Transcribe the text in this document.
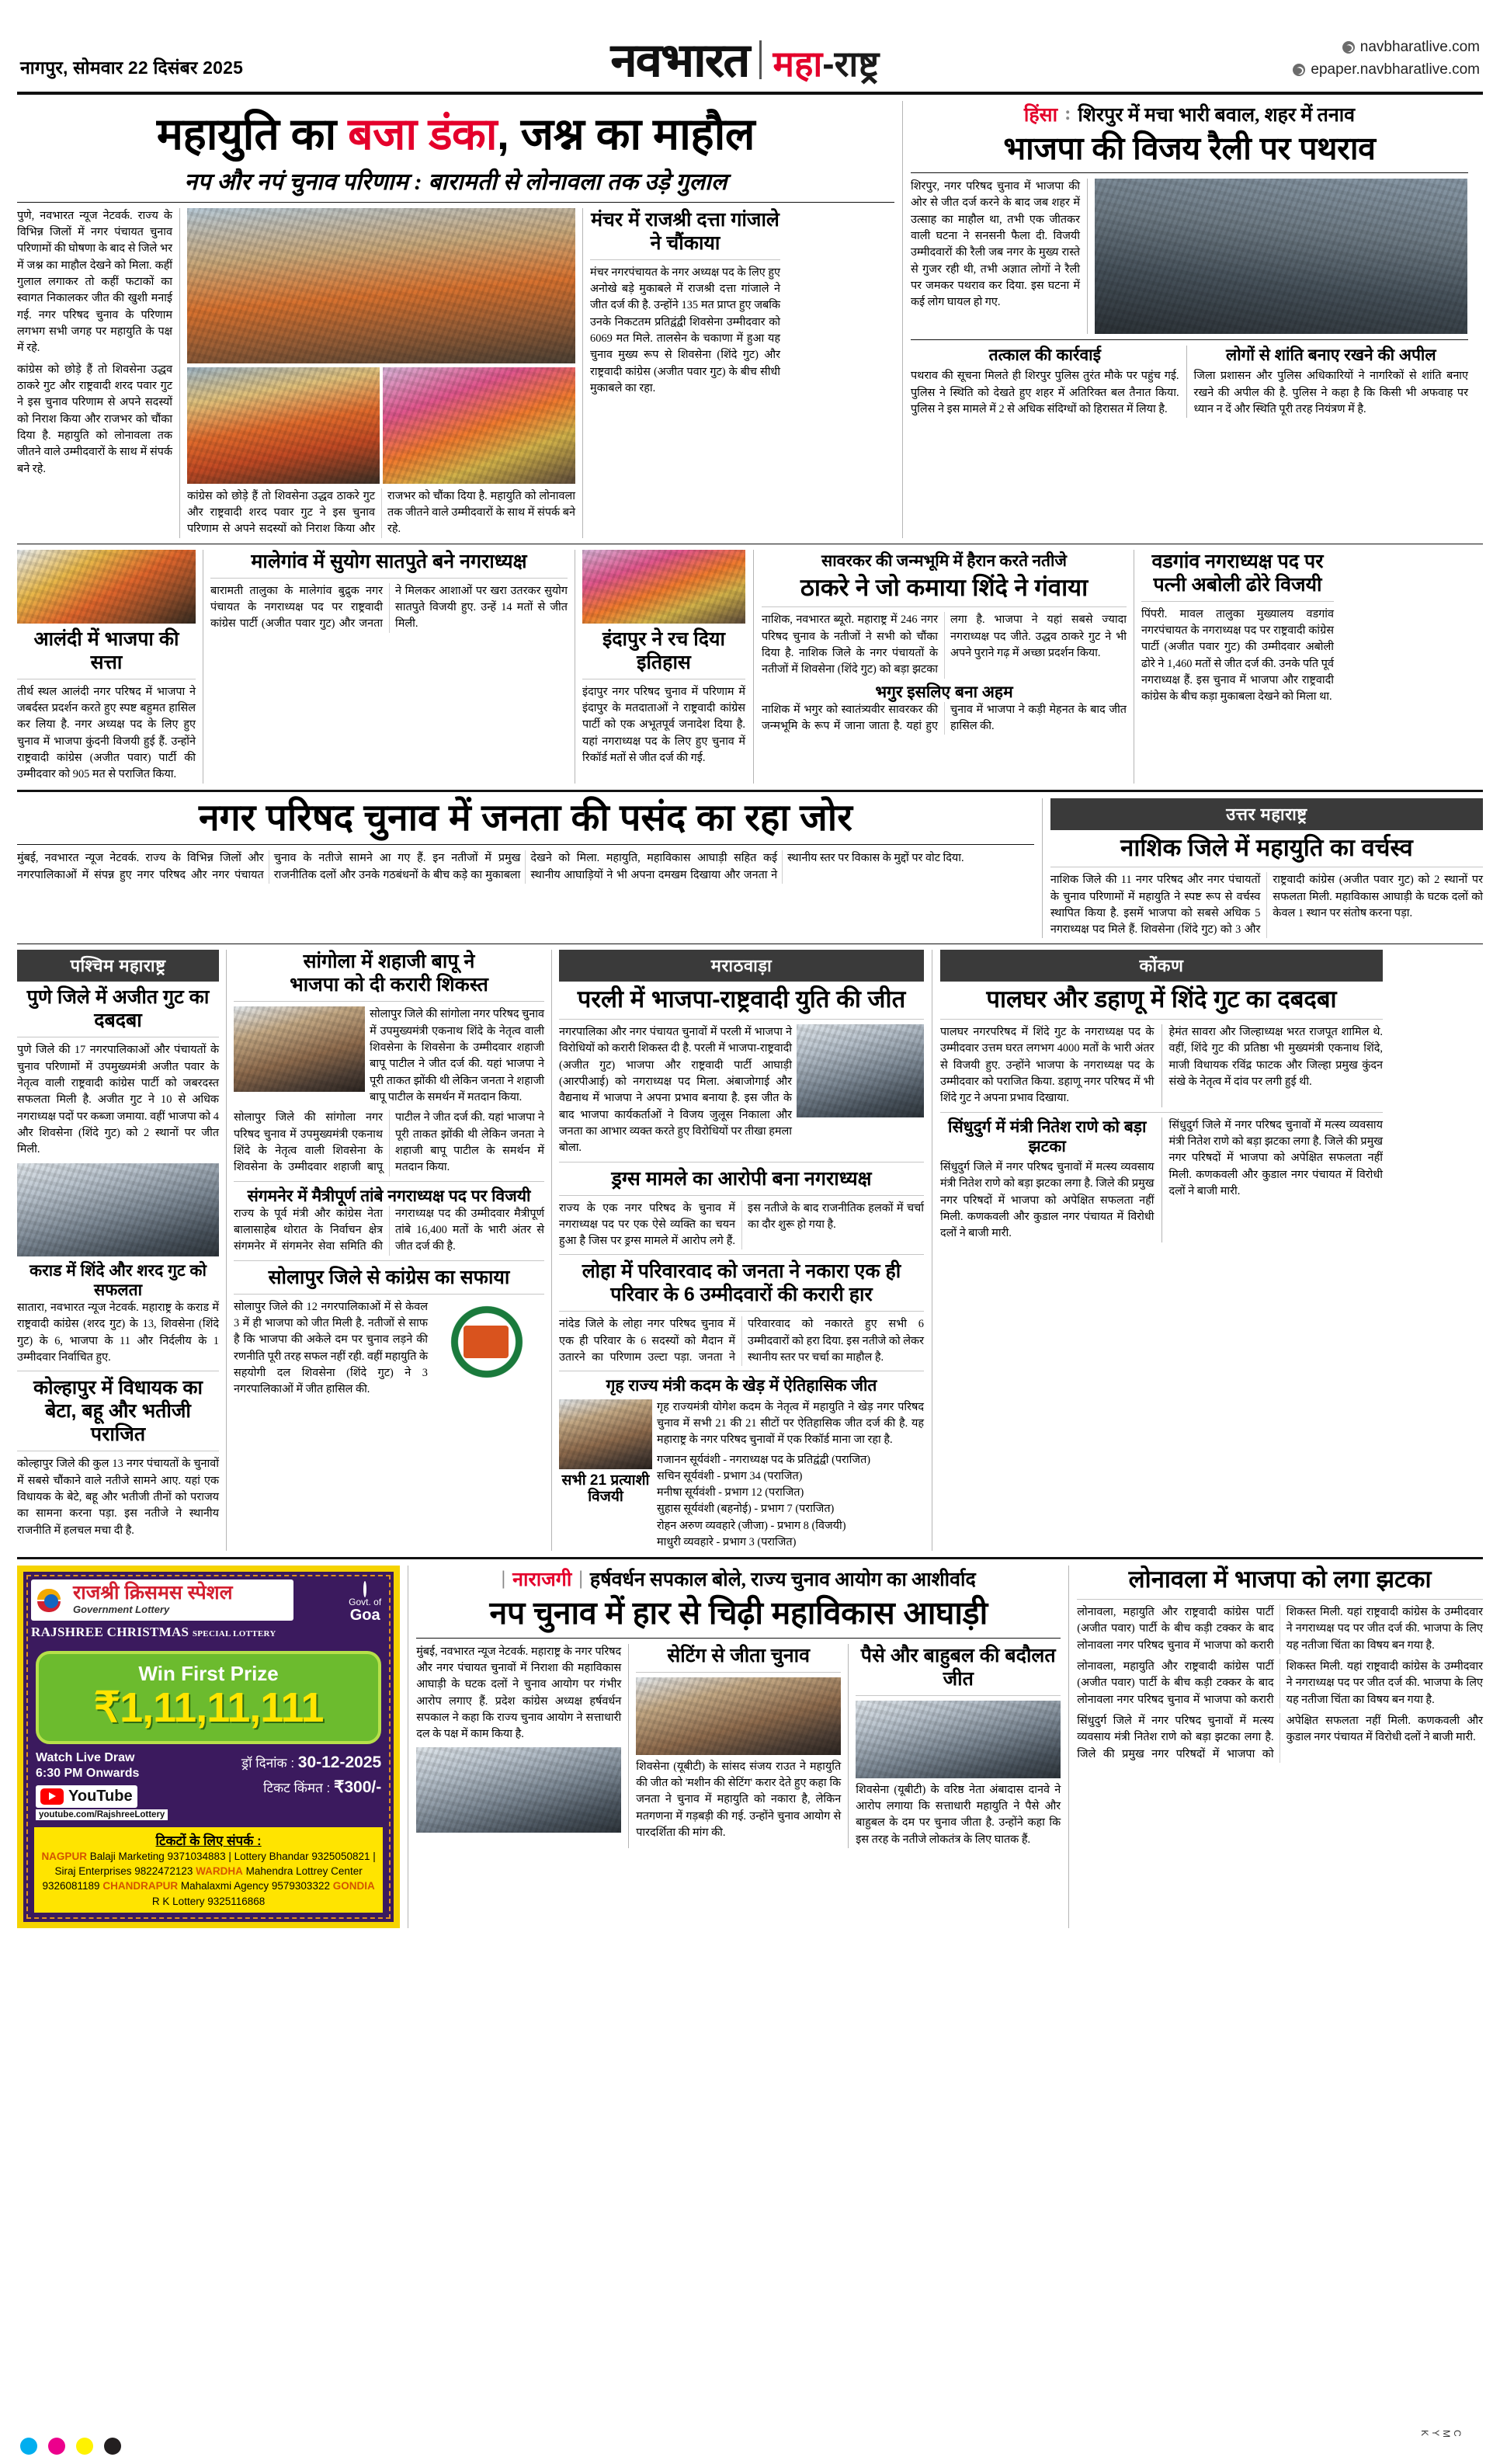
नागपुर, सोमवार 22 दिसंबर 2025	नवभारत महा-राष्ट्र	navbharatlive.com
epaper.navbharatlive.com
महायुति का बजा डंका, जश्न का माहौल
नप और नपं चुनाव परिणाम : बारामती से लोनावला तक उड़े गुलाल
पुणे, नवभारत न्यूज नेटवर्क. राज्य के विभिन्न जिलों में नगर पंचायत चुनाव परिणामों की घोषणा के बाद से जिले भर में जश्न का माहौल देखने को मिला. कहीं गुलाल लगाकर तो कहीं फटाकों का स्वागत निकालकर जीत की खुशी मनाई गई. नगर परिषद चुनाव के परिणाम लगभग सभी जगह पर महायुति के पक्ष में रहे.
कांग्रेस को छोड़े हैं तो शिवसेना उद्धव ठाकरे गुट और राष्ट्रवादी शरद पवार गुट ने इस चुनाव परिणाम से अपने सदस्यों को निराश किया और राजभर को चौंका दिया है. महायुति को लोनावला तक जीतने वाले उम्मीदवारों के साथ में संपर्क बने रहे.
कांग्रेस को छोड़े हैं तो शिवसेना उद्धव ठाकरे गुट और राष्ट्रवादी शरद पवार गुट ने इस चुनाव परिणाम से अपने सदस्यों को निराश किया और राजभर को चौंका दिया है. महायुति को लोनावला तक जीतने वाले उम्मीदवारों के साथ में संपर्क बने रहे.
मंचर में राजश्री दत्ता गांजाले ने चौंकाया
मंचर नगरपंचायत के नगर अध्यक्ष पद के लिए हुए अनोखे बड़े मुकाबले में राजश्री दत्ता गांजाले ने जीत दर्ज की है. उन्होंने 135 मत प्राप्त हुए जबकि उनके निकटतम प्रतिद्वंद्वी शिवसेना उम्मीदवार को 6069 मत मिले. तालसेन के चकाणा में हुआ यह चुनाव मुख्य रूप से शिवसेना (शिंदे गुट) और राष्ट्रवादी कांग्रेस (अजीत पवार गुट) के बीच सीधी मुकाबले का रहा.
हिंसा : शिरपुर में मचा भारी बवाल, शहर में तनाव
भाजपा की विजय रैली पर पथराव
शिरपुर, नगर परिषद चुनाव में भाजपा की ओर से जीत दर्ज करने के बाद जब शहर में उत्साह का माहौल था, तभी एक जीतकर वाली घटना ने सनसनी फैला दी. विजयी उम्मीदवारों की रैली जब नगर के मुख्य रास्ते से गुजर रही थी, तभी अज्ञात लोगों ने रैली पर जमकर पथराव कर दिया. इस घटना में कई लोग घायल हो गए.
तत्काल की कार्रवाई
पथराव की सूचना मिलते ही शिरपुर पुलिस तुरंत मौके पर पहुंच गई. पुलिस ने स्थिति को देखते हुए शहर में अतिरिक्त बल तैनात किया. पुलिस ने इस मामले में 2 से अधिक संदिग्धों को हिरासत में लिया है.
लोगों से शांति बनाए रखने की अपील
जिला प्रशासन और पुलिस अधिकारियों ने नागरिकों से शांति बनाए रखने की अपील की है. पुलिस ने कहा है कि किसी भी अफवाह पर ध्यान न दें और स्थिति पूरी तरह नियंत्रण में है.
आलंदी में भाजपा की सत्ता
तीर्थ स्थल आलंदी नगर परिषद में भाजपा ने जबर्दस्त प्रदर्शन करते हुए स्पष्ट बहुमत हासिल कर लिया है. नगर अध्यक्ष पद के लिए हुए चुनाव में भाजपा कुंदनी विजयी हुई हैं. उन्होंने राष्ट्रवादी कांग्रेस (अजीत पवार) पार्टी की उम्मीदवार को 905 मत से पराजित किया.
मालेगांव में सुयोग सातपुते बने नगराध्यक्ष
बारामती तालुका के मालेगांव बुद्रुक नगर पंचायत के नगराध्यक्ष पद पर राष्ट्रवादी कांग्रेस पार्टी (अजीत पवार गुट) और जनता ने मिलकर आशाओं पर खरा उतरकर सुयोग सातपुते विजयी हुए. उन्हें 14 मतों से जीत मिली.
इंदापुर ने रच दिया इतिहास
इंदापुर नगर परिषद चुनाव में परिणाम में इंदापुर के मतदाताओं ने राष्ट्रवादी कांग्रेस पार्टी को एक अभूतपूर्व जनादेश दिया है. यहां नगराध्यक्ष पद के लिए हुए चुनाव में रिकॉर्ड मतों से जीत दर्ज की गई.
सावरकर की जन्मभूमि में हैरान करते नतीजे
ठाकरे ने जो कमाया शिंदे ने गंवाया
नाशिक, नवभारत ब्यूरो. महाराष्ट्र में 246 नगर परिषद चुनाव के नतीजों ने सभी को चौंका दिया है. नाशिक जिले के नगर पंचायतों के नतीजों में शिवसेना (शिंदे गुट) को बड़ा झटका लगा है. भाजपा ने यहां सबसे ज्यादा नगराध्यक्ष पद जीते. उद्धव ठाकरे गुट ने भी अपने पुराने गढ़ में अच्छा प्रदर्शन किया.
भगुर इसलिए बना अहम
नाशिक में भगुर को स्वातंत्र्यवीर सावरकर की जन्मभूमि के रूप में जाना जाता है. यहां हुए चुनाव में भाजपा ने कड़ी मेहनत के बाद जीत हासिल की.
वडगांव नगराध्यक्ष पद पर पत्नी अबोली ढोरे विजयी
पिंपरी. मावल तालुका मुख्यालय वडगांव नगरपंचायत के नगराध्यक्ष पद पर राष्ट्रवादी कांग्रेस पार्टी (अजीत पवार गुट) की उम्मीदवार अबोली ढोरे ने 1,460 मतों से जीत दर्ज की. उनके पति पूर्व नगराध्यक्ष हैं. इस चुनाव में भाजपा और राष्ट्रवादी कांग्रेस के बीच कड़ा मुकाबला देखने को मिला था.
नगर परिषद चुनाव में जनता की पसंद का रहा जोर
मुंबई, नवभारत न्यूज नेटवर्क. राज्य के विभिन्न जिलों और नगरपालिकाओं में संपन्न हुए नगर परिषद और नगर पंचायत चुनाव के नतीजे सामने आ गए हैं. इन नतीजों में प्रमुख राजनीतिक दलों और उनके गठबंधनों के बीच कड़े का मुकाबला देखने को मिला. महायुति, महाविकास आघाड़ी सहित कई स्थानीय आघाड़ियों ने भी अपना दमखम दिखाया और जनता ने स्थानीय स्तर पर विकास के मुद्दों पर वोट दिया.
उत्तर महाराष्ट्र
नाशिक जिले में महायुति का वर्चस्व
नाशिक जिले की 11 नगर परिषद और नगर पंचायतों के चुनाव परिणामों में महायुति ने स्पष्ट रूप से वर्चस्व स्थापित किया है. इसमें भाजपा को सबसे अधिक 5 नगराध्यक्ष पद मिले हैं. शिवसेना (शिंदे गुट) को 3 और राष्ट्रवादी कांग्रेस (अजीत पवार गुट) को 2 स्थानों पर सफलता मिली. महाविकास आघाड़ी के घटक दलों को केवल 1 स्थान पर संतोष करना पड़ा.
पश्चिम महाराष्ट्र
पुणे जिले में अजीत गुट का दबदबा
पुणे जिले की 17 नगरपालिकाओं और पंचायतों के चुनाव परिणामों में उपमुख्यमंत्री अजीत पवार के नेतृत्व वाली राष्ट्रवादी कांग्रेस पार्टी को जबरदस्त सफलता मिली है. अजीत गुट ने 10 से अधिक नगराध्यक्ष पदों पर कब्जा जमाया. वहीं भाजपा को 4 और शिवसेना (शिंदे गुट) को 2 स्थानों पर जीत मिली.
कराड में शिंदे और शरद गुट को सफलता
सातारा, नवभारत न्यूज नेटवर्क. महाराष्ट्र के कराड में राष्ट्रवादी कांग्रेस (शरद गुट) के 13, शिवसेना (शिंदे गुट) के 6, भाजपा के 11 और निर्दलीय के 1 उम्मीदवार निर्वाचित हुए.
कोल्हापुर में विधायक का बेटा, बहू और भतीजी पराजित
कोल्हापुर जिले की कुल 13 नगर पंचायतों के चुनावों में सबसे चौंकाने वाले नतीजे सामने आए. यहां एक विधायक के बेटे, बहू और भतीजी तीनों को पराजय का सामना करना पड़ा. इस नतीजे ने स्थानीय राजनीति में हलचल मचा दी है.
सांगोला में शहाजी बापू ने
भाजपा को दी करारी शिकस्त
सोलापुर जिले की सांगोला नगर परिषद चुनाव में उपमुख्यमंत्री एकनाथ शिंदे के नेतृत्व वाली शिवसेना के शिवसेना के उम्मीदवार शहाजी बापू पाटील ने जीत दर्ज की. यहां भाजपा ने पूरी ताकत झोंकी थी लेकिन जनता ने शहाजी बापू पाटील के समर्थन में मतदान किया.
सोलापुर जिले की सांगोला नगर परिषद चुनाव में उपमुख्यमंत्री एकनाथ शिंदे के नेतृत्व वाली शिवसेना के शिवसेना के उम्मीदवार शहाजी बापू पाटील ने जीत दर्ज की. यहां भाजपा ने पूरी ताकत झोंकी थी लेकिन जनता ने शहाजी बापू पाटील के समर्थन में मतदान किया.
संगमनेर में मैत्रीपूर्ण तांबे नगराध्यक्ष पद पर विजयी
राज्य के पूर्व मंत्री और कांग्रेस नेता बालासाहेब थोरात के निर्वाचन क्षेत्र संगमनेर में संगमनेर सेवा समिति की नगराध्यक्ष पद की उम्मीदवार मैत्रीपूर्ण तांबे 16,400 मतों के भारी अंतर से जीत दर्ज की है.
सोलापुर जिले से कांग्रेस का सफाया
सोलापुर जिले की 12 नगरपालिकाओं में से केवल 3 में ही भाजपा को जीत मिली है. नतीजों से साफ है कि भाजपा की अकेले दम पर चुनाव लड़ने की रणनीति पूरी तरह सफल नहीं रही. वहीं महायुति के सहयोगी दल शिवसेना (शिंदे गुट) ने 3 नगरपालिकाओं में जीत हासिल की.
मराठवाड़ा
परली में भाजपा-राष्ट्रवादी युति की जीत
नगरपालिका और नगर पंचायत चुनावों में परली में भाजपा ने विरोधियों को करारी शिकस्त दी है. परली में भाजपा-राष्ट्रवादी (अजीत गुट) भाजपा और राष्ट्रवादी पार्टी आघाड़ी (आरपीआई) को नगराध्यक्ष पद मिला. अंबाजोगाई और वैद्यनाथ में भाजपा ने अपना प्रभाव बनाया है. इस जीत के बाद भाजपा कार्यकर्ताओं ने विजय जुलूस निकाला और जनता का आभार व्यक्त करते हुए विरोधियों पर तीखा हमला बोला.
ड्रग्स मामले का आरोपी बना नगराध्यक्ष
राज्य के एक नगर परिषद के चुनाव में नगराध्यक्ष पद पर एक ऐसे व्यक्ति का चयन हुआ है जिस पर ड्रग्स मामले में आरोप लगे हैं. इस नतीजे के बाद राजनीतिक हलकों में चर्चा का दौर शुरू हो गया है.
लोहा में परिवारवाद को जनता ने नकारा एक ही परिवार के 6 उम्मीदवारों की करारी हार
नांदेड जिले के लोहा नगर परिषद चुनाव में एक ही परिवार के 6 सदस्यों को मैदान में उतारने का परिणाम उल्टा पड़ा. जनता ने परिवारवाद को नकारते हुए सभी 6 उम्मीदवारों को हरा दिया. इस नतीजे को लेकर स्थानीय स्तर पर चर्चा का माहौल है.
गृह राज्य मंत्री कदम के खेड़ में ऐतिहासिक जीत
सभी 21 प्रत्याशी विजयी
गृह राज्यमंत्री योगेश कदम के नेतृत्व में महायुति ने खेड़ नगर परिषद चुनाव में सभी 21 की 21 सीटों पर ऐतिहासिक जीत दर्ज की है. यह महाराष्ट्र के नगर परिषद चुनावों में एक रिकॉर्ड माना जा रहा है.
गजानन सूर्यवंशी - नगराध्यक्ष पद के प्रतिद्वंद्वी (पराजित)
सचिन सूर्यवंशी - प्रभाग 34 (पराजित)
मनीषा सूर्यवंशी - प्रभाग 12 (पराजित)
सुहास सूर्यवंशी (बहनोई) - प्रभाग 7 (पराजित)
रोहन अरुण व्यवहारे (जीजा) - प्रभाग 8 (विजयी)
माधुरी व्यवहारे - प्रभाग 3 (पराजित)
कोंकण
पालघर और डहाणू में शिंदे गुट का दबदबा
पालघर नगरपरिषद में शिंदे गुट के नगराध्यक्ष पद के उम्मीदवार उत्तम घरत लगभग 4000 मतों के भारी अंतर से विजयी हुए. उन्होंने भाजपा के नगराध्यक्ष पद के उम्मीदवार को पराजित किया. डहाणू नगर परिषद में भी शिंदे गुट ने अपना प्रभाव दिखाया.
हेमंत सावरा और जिल्हाध्यक्ष भरत राजपूत शामिल थे. वहीं, शिंदे गुट की प्रतिष्ठा भी मुख्यमंत्री एकनाथ शिंदे, माजी विधायक रविंद्र फाटक और जिल्हा प्रमुख कुंदन संखे के नेतृत्व में दांव पर लगी हुई थी.
सिंधुदुर्ग में मंत्री नितेश राणे को बड़ा झटका
सिंधुदुर्ग जिले में नगर परिषद चुनावों में मत्स्य व्यवसाय मंत्री नितेश राणे को बड़ा झटका लगा है. जिले की प्रमुख नगर परिषदों में भाजपा को अपेक्षित सफलता नहीं मिली. कणकवली और कुडाल नगर पंचायत में विरोधी दलों ने बाजी मारी.
सिंधुदुर्ग जिले में नगर परिषद चुनावों में मत्स्य व्यवसाय मंत्री नितेश राणे को बड़ा झटका लगा है. जिले की प्रमुख नगर परिषदों में भाजपा को अपेक्षित सफलता नहीं मिली. कणकवली और कुडाल नगर पंचायत में विरोधी दलों ने बाजी मारी.
राजश्री क्रिसमस स्पेशल
Government Lottery
RAJSHREE CHRISTMAS SPECIAL LOTTERY
Govt. of
Goa
Win First Prize
₹1,11,11,111
Watch Live Draw
6:30 PM Onwards
YouTube
youtube.com/RajshreeLottery
ड्रॉ दिनांक : 30-12-2025
टिकट किंमत : ₹300/-
टिकटों के लिए संपर्क :
NAGPUR Balaji Marketing 9371034883 | Lottery Bhandar 9325050821 | Siraj Enterprises 9822472123 WARDHA Mahendra Lottrey Center 9326081189 CHANDRAPUR Mahalaxmi Agency 9579303322 GONDIA R K Lottery 9325116868
| नाराजगी | हर्षवर्धन सपकाल बोले, राज्य चुनाव आयोग का आशीर्वाद
नप चुनाव में हार से चिढ़ी महाविकास आघाड़ी
मुंबई, नवभारत न्यूज नेटवर्क. महाराष्ट्र के नगर परिषद और नगर पंचायत चुनावों में निराशा की महाविकास आघाड़ी के घटक दलों ने चुनाव आयोग पर गंभीर आरोप लगाए हैं. प्रदेश कांग्रेस अध्यक्ष हर्षवर्धन सपकाल ने कहा कि राज्य चुनाव आयोग ने सत्ताधारी दल के पक्ष में काम किया है.
सेटिंग से जीता चुनाव
शिवसेना (यूबीटी) के सांसद संजय राउत ने महायुति की जीत को 'मशीन की सेटिंग' करार देते हुए कहा कि जनता ने चुनाव में महायुति को नकारा है, लेकिन मतगणना में गड़बड़ी की गई. उन्होंने चुनाव आयोग से पारदर्शिता की मांग की.
पैसे और बाहुबल की बदौलत जीत
शिवसेना (यूबीटी) के वरिष्ठ नेता अंबादास दानवे ने आरोप लगाया कि सत्ताधारी महायुति ने पैसे और बाहुबल के दम पर चुनाव जीता है. उन्होंने कहा कि इस तरह के नतीजे लोकतंत्र के लिए घातक हैं.
लोनावला में भाजपा को लगा झटका
लोनावला, महायुति और राष्ट्रवादी कांग्रेस पार्टी (अजीत पवार) पार्टी के बीच कड़ी टक्कर के बाद लोनावला नगर परिषद चुनाव में भाजपा को करारी शिकस्त मिली. यहां राष्ट्रवादी कांग्रेस के उम्मीदवार ने नगराध्यक्ष पद पर जीत दर्ज की. भाजपा के लिए यह नतीजा चिंता का विषय बन गया है.
लोनावला, महायुति और राष्ट्रवादी कांग्रेस पार्टी (अजीत पवार) पार्टी के बीच कड़ी टक्कर के बाद लोनावला नगर परिषद चुनाव में भाजपा को करारी शिकस्त मिली. यहां राष्ट्रवादी कांग्रेस के उम्मीदवार ने नगराध्यक्ष पद पर जीत दर्ज की. भाजपा के लिए यह नतीजा चिंता का विषय बन गया है.
सिंधुदुर्ग जिले में नगर परिषद चुनावों में मत्स्य व्यवसाय मंत्री नितेश राणे को बड़ा झटका लगा है. जिले की प्रमुख नगर परिषदों में भाजपा को अपेक्षित सफलता नहीं मिली. कणकवली और कुडाल नगर पंचायत में विरोधी दलों ने बाजी मारी.
C M Y K
